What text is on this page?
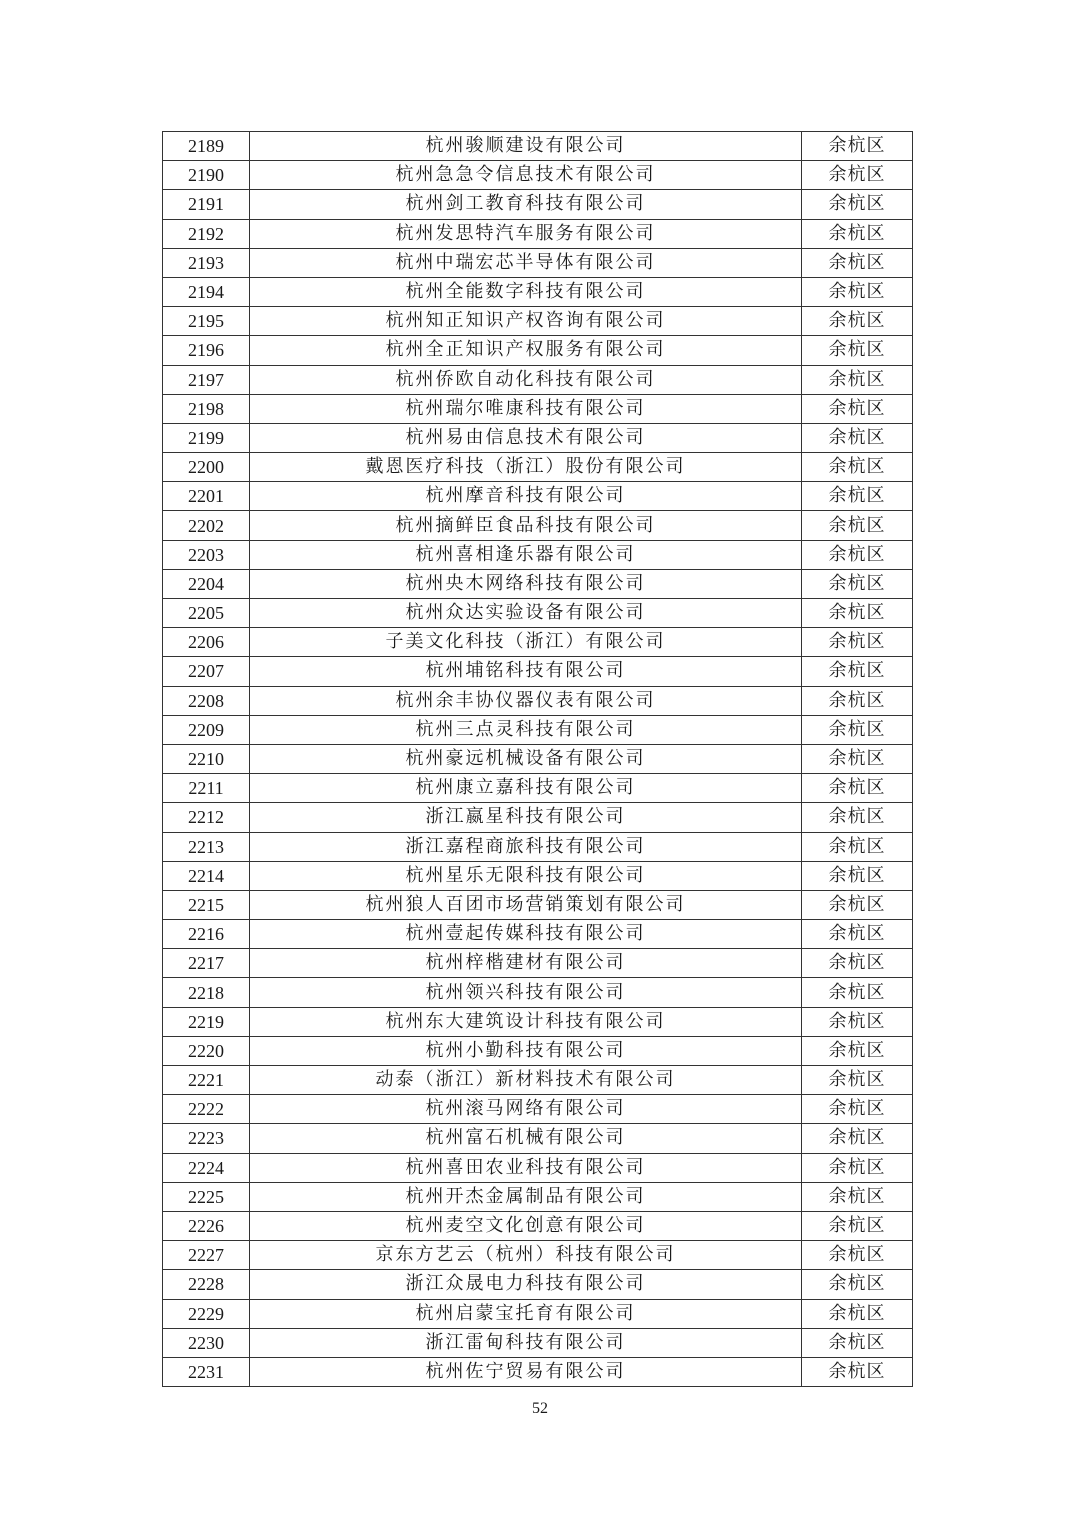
2189	杭州骏顺建设有限公司	余杭区
2190	杭州急急令信息技术有限公司	余杭区
2191	杭州剑工教育科技有限公司	余杭区
2192	杭州发思特汽车服务有限公司	余杭区
2193	杭州中瑞宏芯半导体有限公司	余杭区
2194	杭州全能数字科技有限公司	余杭区
2195	杭州知正知识产权咨询有限公司	余杭区
2196	杭州全正知识产权服务有限公司	余杭区
2197	杭州侨欧自动化科技有限公司	余杭区
2198	杭州瑞尔唯康科技有限公司	余杭区
2199	杭州易由信息技术有限公司	余杭区
2200	戴恩医疗科技（浙江）股份有限公司	余杭区
2201	杭州摩音科技有限公司	余杭区
2202	杭州摘鲜臣食品科技有限公司	余杭区
2203	杭州喜相逢乐器有限公司	余杭区
2204	杭州央木网络科技有限公司	余杭区
2205	杭州众达实验设备有限公司	余杭区
2206	子美文化科技（浙江）有限公司	余杭区
2207	杭州埔铭科技有限公司	余杭区
2208	杭州余丰协仪器仪表有限公司	余杭区
2209	杭州三点灵科技有限公司	余杭区
2210	杭州豪远机械设备有限公司	余杭区
2211	杭州康立嘉科技有限公司	余杭区
2212	浙江嬴星科技有限公司	余杭区
2213	浙江嘉程商旅科技有限公司	余杭区
2214	杭州星乐无限科技有限公司	余杭区
2215	杭州狼人百团市场营销策划有限公司	余杭区
2216	杭州壹起传媒科技有限公司	余杭区
2217	杭州梓楷建材有限公司	余杭区
2218	杭州领兴科技有限公司	余杭区
2219	杭州东大建筑设计科技有限公司	余杭区
2220	杭州小勤科技有限公司	余杭区
2221	动泰（浙江）新材料技术有限公司	余杭区
2222	杭州滚马网络有限公司	余杭区
2223	杭州富石机械有限公司	余杭区
2224	杭州喜田农业科技有限公司	余杭区
2225	杭州开杰金属制品有限公司	余杭区
2226	杭州麦空文化创意有限公司	余杭区
2227	京东方艺云（杭州）科技有限公司	余杭区
2228	浙江众晟电力科技有限公司	余杭区
2229	杭州启蒙宝托育有限公司	余杭区
2230	浙江雷甸科技有限公司	余杭区
2231	杭州佐宁贸易有限公司	余杭区
52
